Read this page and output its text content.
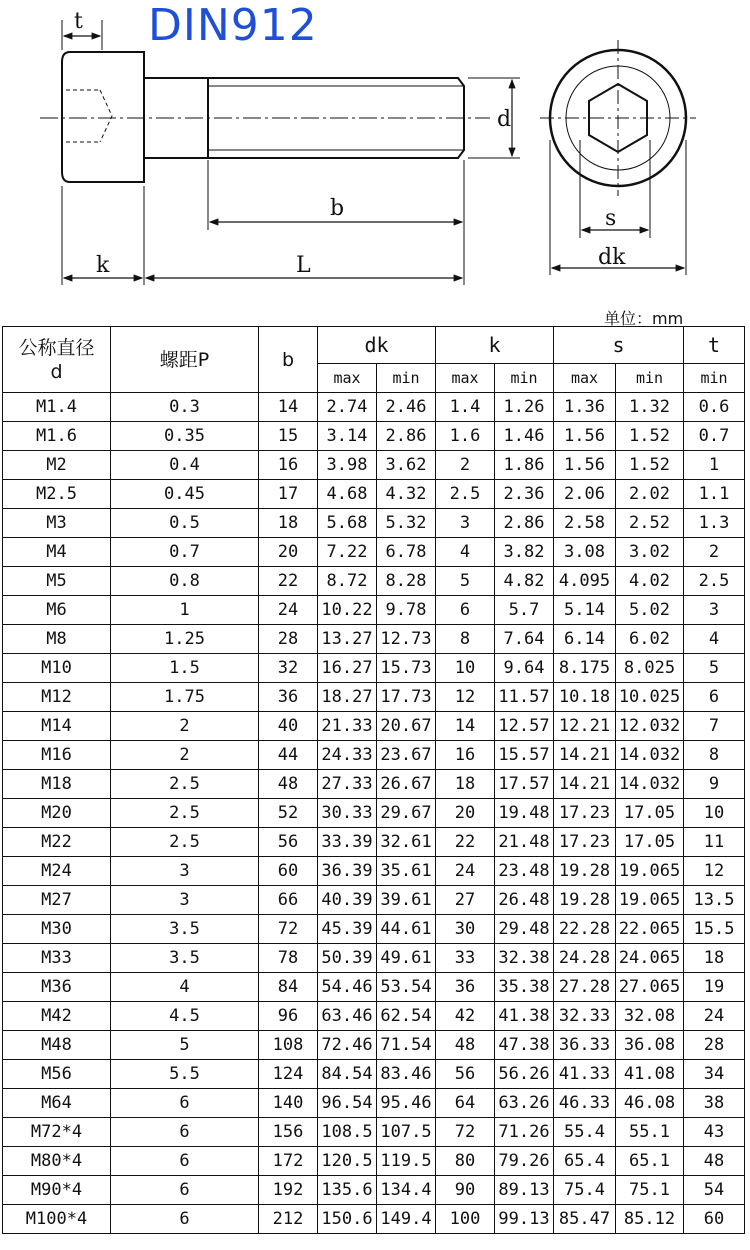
DIN912
t
d
b
k	L
s
dk
单位：mm
公称直径
d	螺距P	b	dk		k		s		t
			max	min	max	min	max	min	min
M1.4	0.3	14	2.74	2.46	1.4	1.26	1.36	1.32	0.6
M1.6	0.35	15	3.14	2.86	1.6	1.46	1.56	1.52	0.7
M2	0.4	16	3.98	3.62	2	1.86	1.56	1.52	1
M2.5	0.45	17	4.68	4.32	2.5	2.36	2.06	2.02	1.1
M3	0.5	18	5.68	5.32	3	2.86	2.58	2.52	1.3
M4	0.7	20	7.22	6.78	4	3.82	3.08	3.02	2
M5	0.8	22	8.72	8.28	5	4.82	4.095	4.02	2.5
M6	1	24	10.22	9.78	6	5.7	5.14	5.02	3
M8	1.25	28	13.27	12.73	8	7.64	6.14	6.02	4
M10	1.5	32	16.27	15.73	10	9.64	8.175	8.025	5
M12	1.75	36	18.27	17.73	12	11.57	10.18	10.025	6
M14	2	40	21.33	20.67	14	12.57	12.21	12.032	7
M16	2	44	24.33	23.67	16	15.57	14.21	14.032	8
M18	2.5	48	27.33	26.67	18	17.57	14.21	14.032	9
M20	2.5	52	30.33	29.67	20	19.48	17.23	17.05	10
M22	2.5	56	33.39	32.61	22	21.48	17.23	17.05	11
M24	3	60	36.39	35.61	24	23.48	19.28	19.065	12
M27	3	66	40.39	39.61	27	26.48	19.28	19.065	13.5
M30	3.5	72	45.39	44.61	30	29.48	22.28	22.065	15.5
M33	3.5	78	50.39	49.61	33	32.38	24.28	24.065	18
M36	4	84	54.46	53.54	36	35.38	27.28	27.065	19
M42	4.5	96	63.46	62.54	42	41.38	32.33	32.08	24
M48	5	108	72.46	71.54	48	47.38	36.33	36.08	28
M56	5.5	124	84.54	83.46	56	56.26	41.33	41.08	34
M64	6	140	96.54	95.46	64	63.26	46.33	46.08	38
M72*4	6	156	108.5	107.5	72	71.26	55.4	55.1	43
M80*4	6	172	120.5	119.5	80	79.26	65.4	65.1	48
M90*4	6	192	135.6	134.4	90	89.13	75.4	75.1	54
M100*4	6	212	150.6	149.4	100	99.13	85.47	85.12	60
